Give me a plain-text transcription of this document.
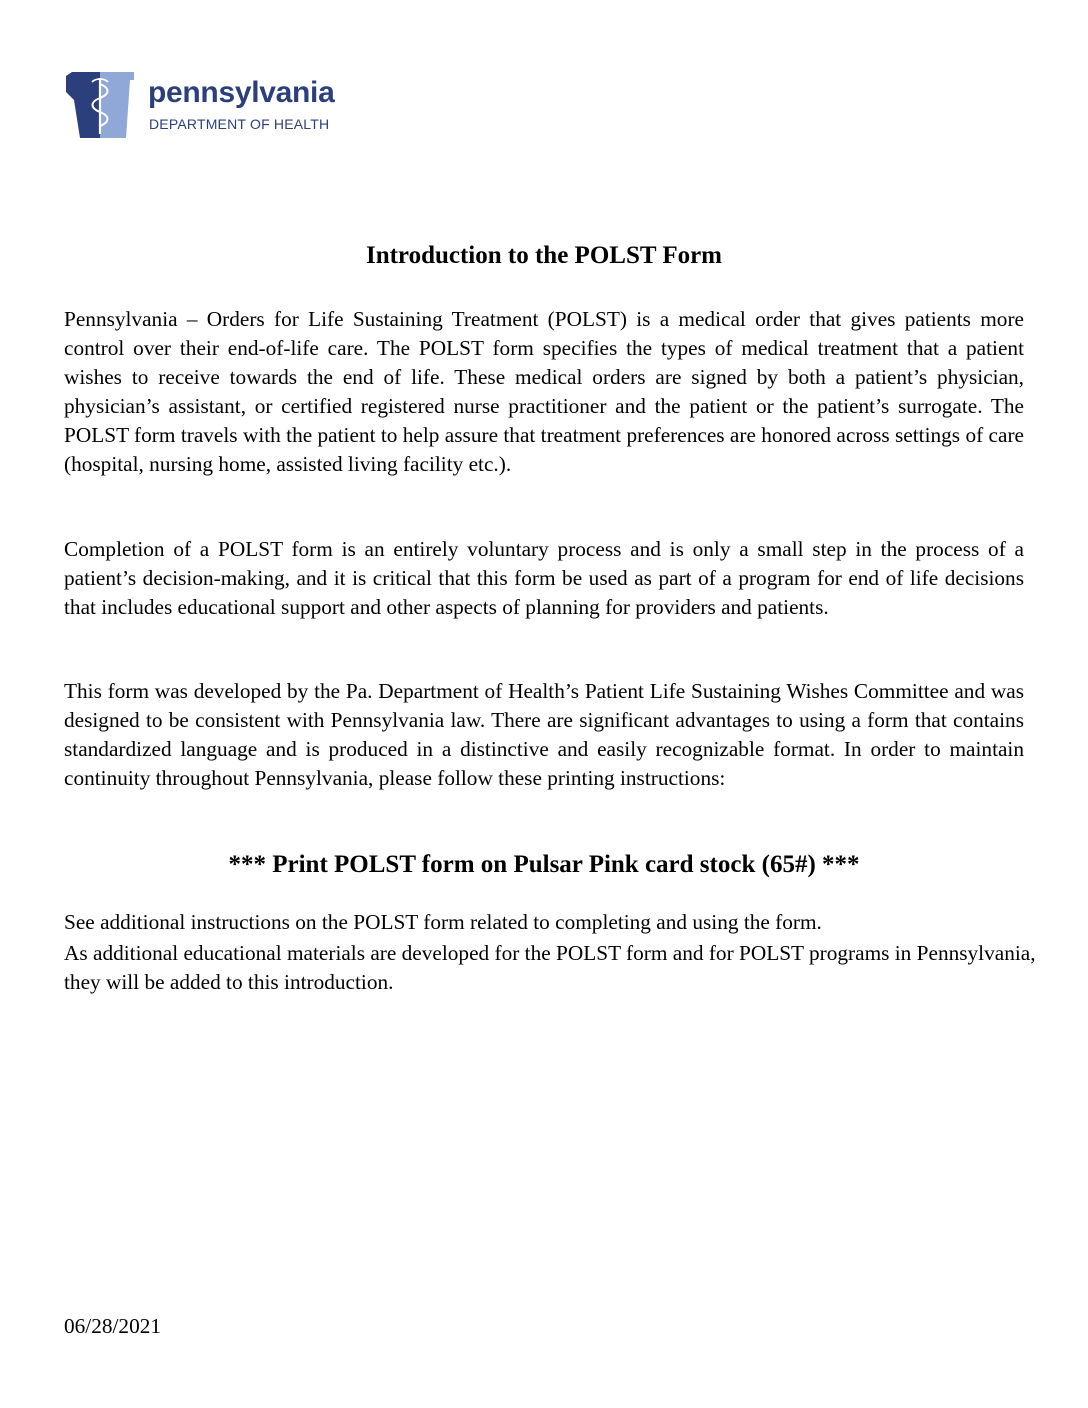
pennsylvania
DEPARTMENT OF HEALTH
Introduction to the POLST Form

Pennsylvania – Orders for Life Sustaining Treatment (POLST) is a medical order that gives patients more control over their end-of-life care. The POLST form specifies the types of medical treatment that a patient wishes to receive towards the end of life. These medical orders are signed by both a patient’s physician, physician’s assistant, or certified registered nurse practitioner and the patient or the patient’s surrogate. The POLST form travels with the patient to help assure that treatment preferences are honored across settings of care (hospital, nursing home, assisted living facility etc.).

Completion of a POLST form is an entirely voluntary process and is only a small step in the process of a patient’s decision-making, and it is critical that this form be used as part of a program for end of life decisions that includes educational support and other aspects of planning for providers and patients.

This form was developed by the Pa. Department of Health’s Patient Life Sustaining Wishes Committee and was designed to be consistent with Pennsylvania law. There are significant advantages to using a form that contains standardized language and is produced in a distinctive and easily recognizable format. In order to maintain continuity throughout Pennsylvania, please follow these printing instructions:

*** Print POLST form on Pulsar Pink card stock (65#) ***

See additional instructions on the POLST form related to completing and using the form.

As additional educational materials are developed for the POLST form and for POLST programs in Pennsylvania, they will be added to this introduction.

06/28/2021
